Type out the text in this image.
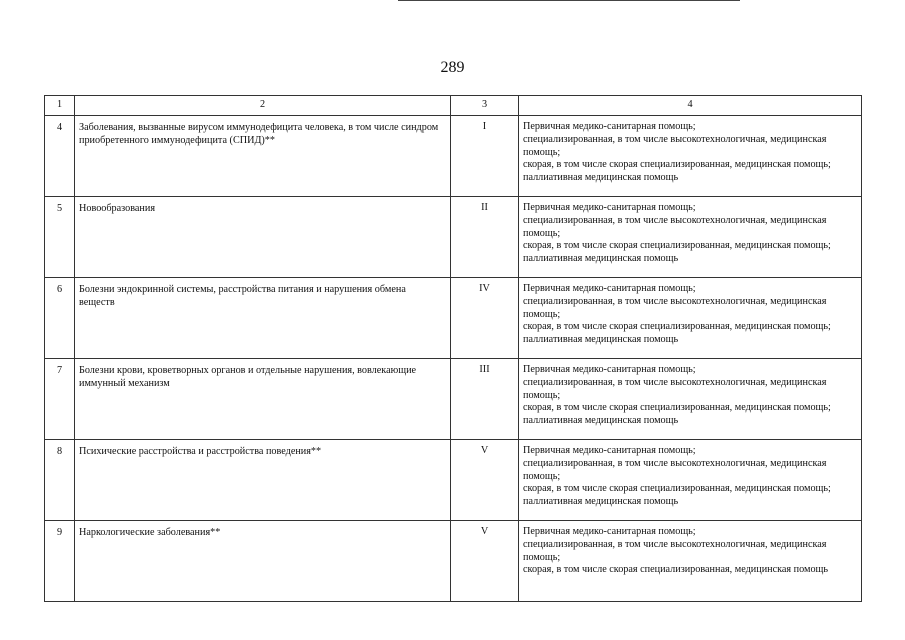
289
1	2	3	4
4	Заболевания, вызванные вирусом иммунодефицита человека, в том числе синдром приобретенного иммунодефицита (СПИД)**	I	Первичная медико-санитарная помощь;
специализированная, в том числе высокотехнологичная, медицинская помощь;
скорая, в том числе скорая специализированная, медицинская помощь;
паллиативная медицинская помощь

5	Новообразования	II	Первичная медико-санитарная помощь;
специализированная, в том числе высокотехнологичная, медицинская помощь;
скорая, в том числе скорая специализированная, медицинская помощь;
паллиативная медицинская помощь

6	Болезни эндокринной системы, расстройства питания и нарушения обмена веществ	IV	Первичная медико-санитарная помощь;
специализированная, в том числе высокотехнологичная, медицинская помощь;
скорая, в том числе скорая специализированная, медицинская помощь;
паллиативная медицинская помощь

7	Болезни крови, кроветворных органов и отдельные нарушения, вовлекающие иммунный механизм	III	Первичная медико-санитарная помощь;
специализированная, в том числе высокотехнологичная, медицинская помощь;
скорая, в том числе скорая специализированная, медицинская помощь;
паллиативная медицинская помощь

8	Психические расстройства и расстройства поведения**	V	Первичная медико-санитарная помощь;
специализированная, в том числе высокотехнологичная, медицинская помощь;
скорая, в том числе скорая специализированная, медицинская помощь;
паллиативная медицинская помощь

9	Наркологические заболевания**	V	Первичная медико-санитарная помощь;
специализированная, в том числе высокотехнологичная, медицинская помощь;
скорая, в том числе скорая специализированная, медицинская помощь
